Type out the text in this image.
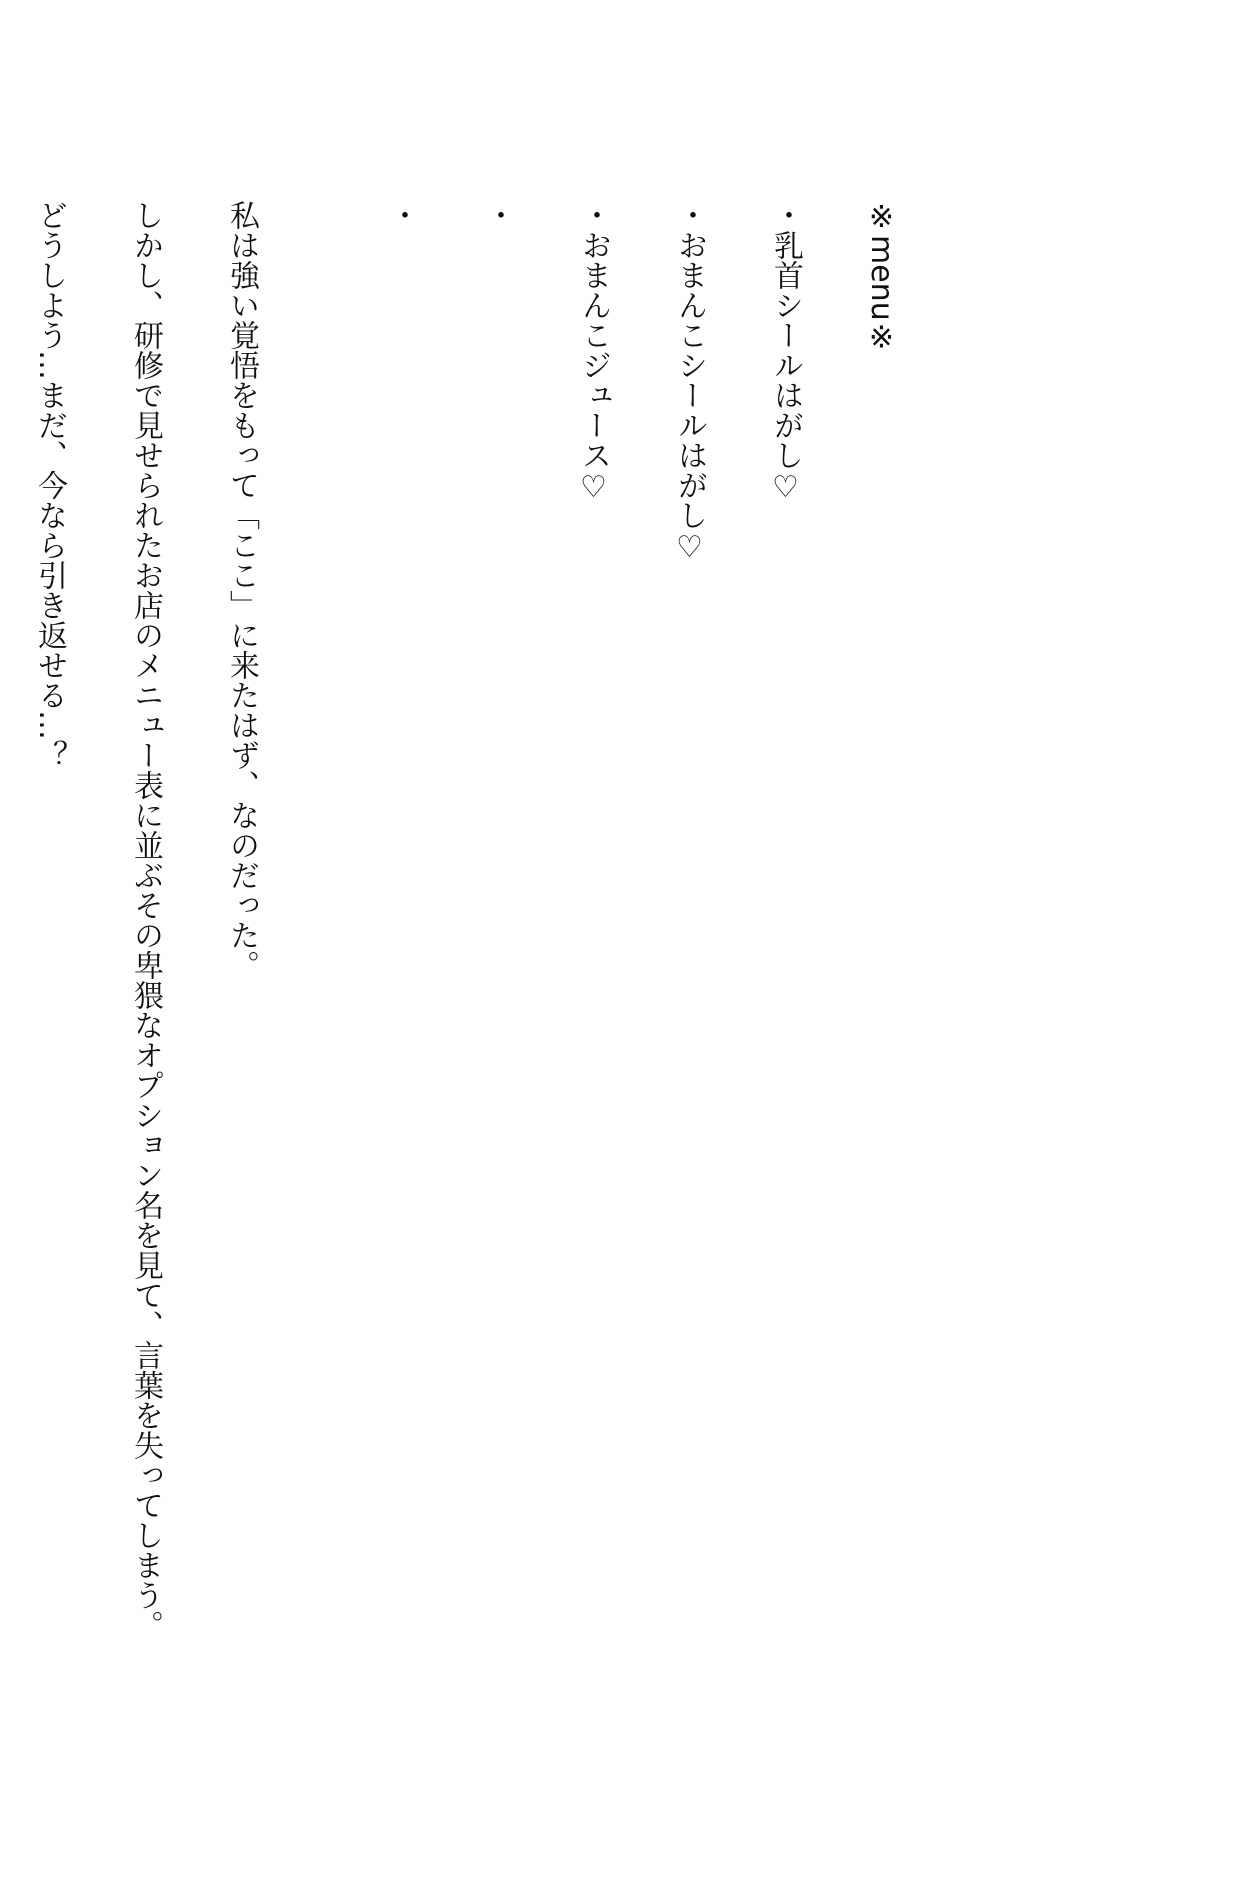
※menu※

・乳首シールはがし♡

・おまんこシールはがし♡

・おまんこジュース♡

・

・

私は強い覚悟をもって「ここ」に来たはず、なのだった。

しかし、研修で見せられたお店のメニュー表に並ぶその卑猥なオプション名を見て、言葉を失ってしまう。

どうしよう…まだ、今なら引き返せる…？
